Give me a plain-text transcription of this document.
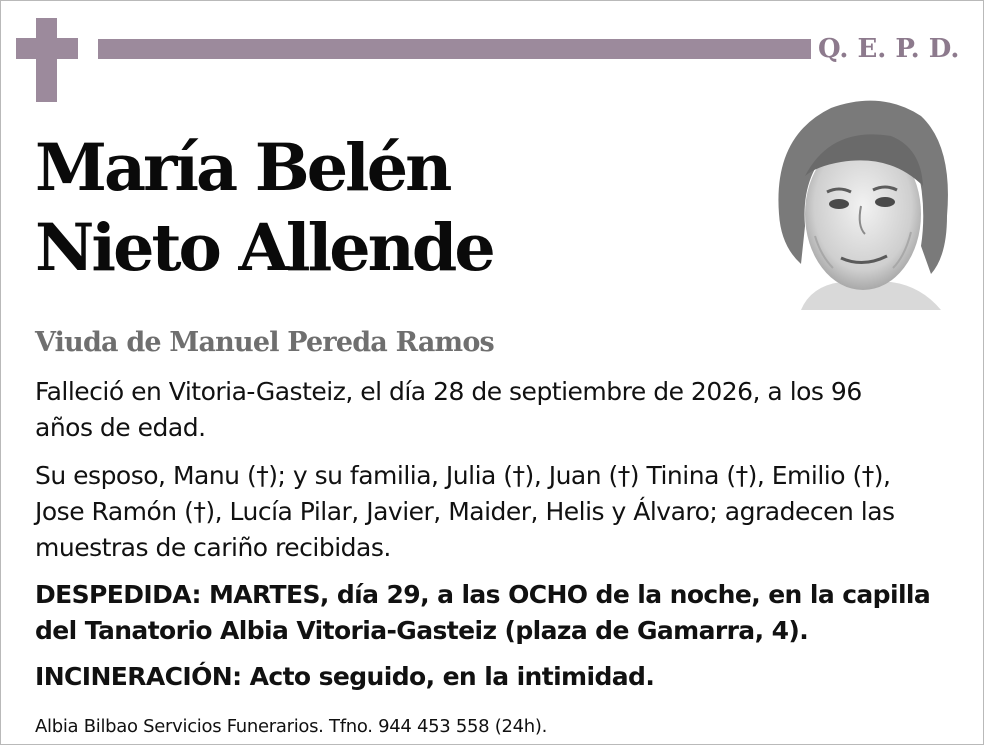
Q. E. P. D.
María Belén
Nieto Allende
Viuda de Manuel Pereda Ramos
Falleció en Vitoria-Gasteiz, el día 28 de septiembre de 2026, a los 96
años de edad.
Su esposo, Manu (†); y su familia, Julia (†), Juan (†) Tinina (†), Emilio (†),
Jose Ramón (†), Lucía Pilar, Javier, Maider, Helis y Álvaro; agradecen las
muestras de cariño recibidas.
DESPEDIDA: MARTES, día 29, a las OCHO de la noche, en la capilla
del Tanatorio Albia Vitoria-Gasteiz (plaza de Gamarra, 4).
INCINERACIÓN: Acto seguido, en la intimidad.
Albia Bilbao Servicios Funerarios. Tfno. 944 453 558 (24h).
